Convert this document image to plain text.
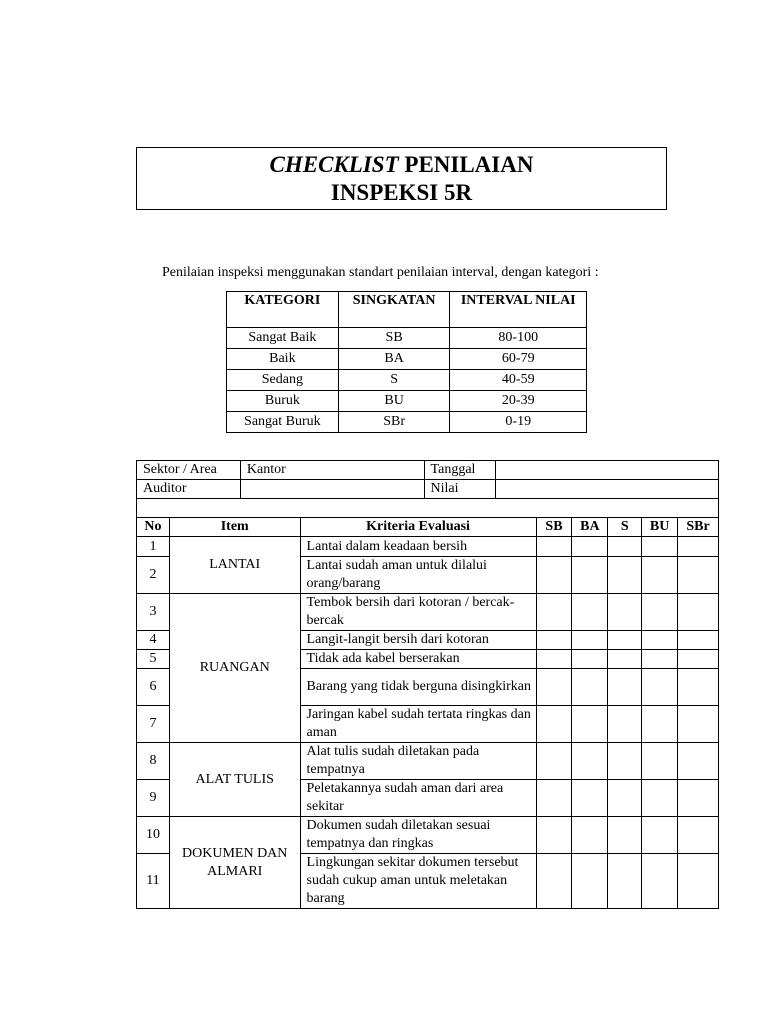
CHECKLIST PENILAIAN
INSPEKSI 5R
Penilaian inspeksi menggunakan standart penilaian interval, dengan kategori :
KATEGORI	SINGKATAN	INTERVAL NILAI
Sangat Baik	SB	80-100
Baik	BA	60-79
Sedang	S	40-59
Buruk	BU	20-39
Sangat Buruk	SBr	0-19
Sektor / Area	Kantor	Tanggal	
Auditor		Nilai	

No	Item	Kriteria Evaluasi	SB	BA	S	BU	SBr
1	LANTAI	Lantai dalam keadaan bersih					
2		Lantai sudah aman untuk dilalui orang/barang					
3	RUANGAN	Tembok bersih dari kotoran / bercak-bercak					
4		Langit-langit bersih dari kotoran					
5		Tidak ada kabel berserakan					
6		Barang yang tidak berguna disingkirkan					
7		Jaringan kabel sudah tertata ringkas dan aman					
8	ALAT TULIS	Alat tulis sudah diletakan pada tempatnya					
9		Peletakannya sudah aman dari area sekitar					
10	DOKUMEN DAN ALMARI	Dokumen sudah diletakan sesuai tempatnya dan ringkas					
11		Lingkungan sekitar dokumen tersebut sudah cukup aman untuk meletakan barang					
